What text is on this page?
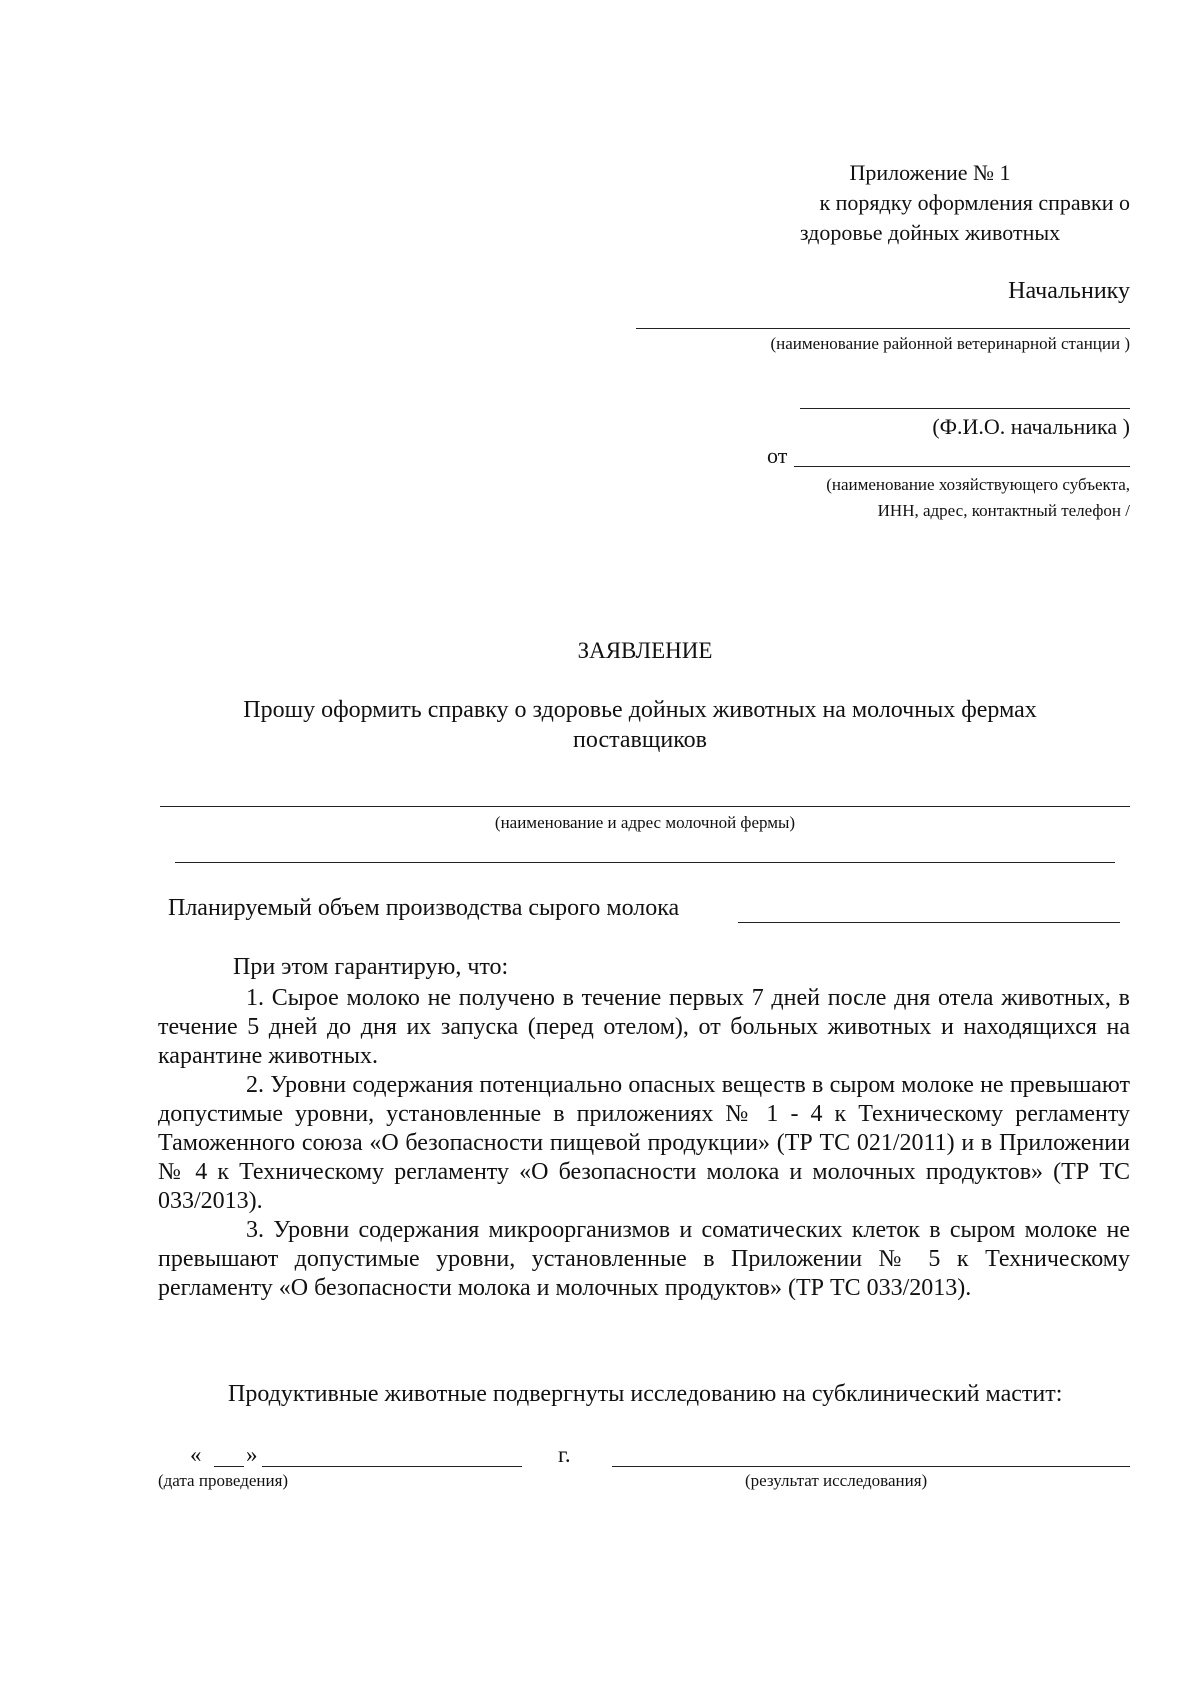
Приложение № 1
к порядку оформления справки о
здоровье дойных животных
Начальнику
(наименование районной ветеринарной станции )
(Ф.И.О. начальника )
от
(наименование хозяйствующего субъекта,
ИНН, адрес, контактный телефон /
ЗАЯВЛЕНИЕ
Прошу оформить справку о здоровье дойных животных на молочных фермах
поставщиков
(наименование и адрес молочной фермы)
Планируемый объем производства сырого молока
При этом гарантирую, что:
1. Сырое молоко не получено в течение первых 7 дней после дня отела животных, в течение 5 дней до дня их запуска (перед отелом), от больных животных и находящихся на карантине животных.
2. Уровни содержания потенциально опасных веществ в сыром молоке не превышают допустимые уровни, установленные в приложениях № 1 - 4 к Техническому регламенту Таможенного союза «О безопасности пищевой продукции» (ТР ТС 021/2011) и в Приложении № 4 к Техническому регламенту «О безопасности молока и молочных продуктов» (ТР ТС 033/2013).
3. Уровни содержания микроорганизмов и соматических клеток в сыром молоке не превышают допустимые уровни, установленные в Приложении № 5 к Техническому регламенту «О безопасности молока и молочных продуктов» (ТР ТС 033/2013).
Продуктивные животные подвергнуты исследованию на субклинический мастит:
« »	г.
(дата проведения)	(результат исследования)
